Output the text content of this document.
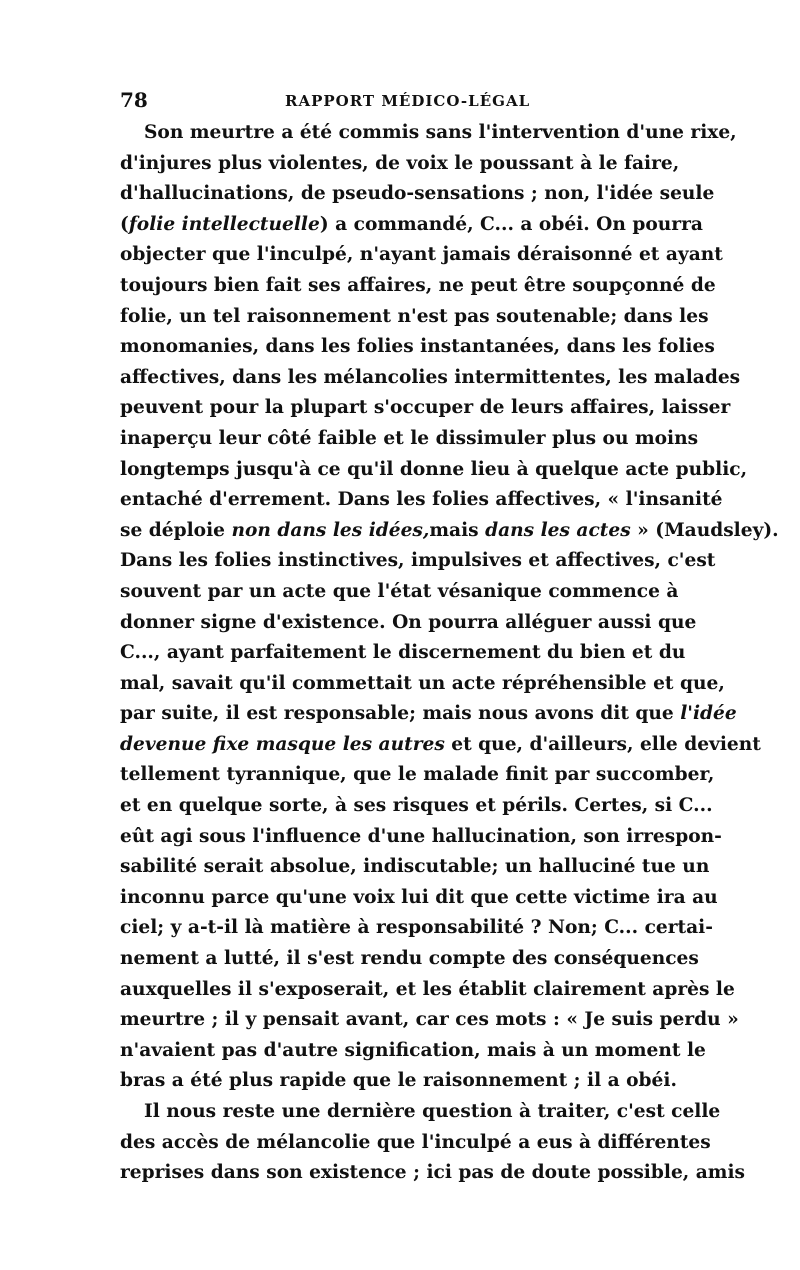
78	RAPPORT MÉDICO-LÉGAL
Son meurtre a été commis sans l'intervention d'une rixe,
d'injures plus violentes, de voix le poussant à le faire,
d'hallucinations, de pseudo-sensations ; non, l'idée seule
(folie intellectuelle) a commandé, C... a obéi. On pourra
objecter que l'inculpé, n'ayant jamais déraisonné et ayant
toujours bien fait ses affaires, ne peut être soupçonné de
folie, un tel raisonnement n'est pas soutenable; dans les
monomanies, dans les folies instantanées, dans les folies
affectives, dans les mélancolies intermittentes, les malades
peuvent pour la plupart s'occuper de leurs affaires, laisser
inaperçu leur côté faible et le dissimuler plus ou moins
longtemps jusqu'à ce qu'il donne lieu à quelque acte public,
entaché d'errement. Dans les folies affectives, « l'insanité
se déploie non dans les idées,mais dans les actes » (Maudsley).
Dans les folies instinctives, impulsives et affectives, c'est
souvent par un acte que l'état vésanique commence à
donner signe d'existence. On pourra alléguer aussi que
C..., ayant parfaitement le discernement du bien et du
mal, savait qu'il commettait un acte répréhensible et que,
par suite, il est responsable; mais nous avons dit que l'idée
devenue fixe masque les autres et que, d'ailleurs, elle devient
tellement tyrannique, que le malade finit par succomber,
et en quelque sorte, à ses risques et périls. Certes, si C...
eût agi sous l'influence d'une hallucination, son irrespon-
sabilité serait absolue, indiscutable; un halluciné tue un
inconnu parce qu'une voix lui dit que cette victime ira au
ciel; y a-t-il là matière à responsabilité ? Non; C... certai-
nement a lutté, il s'est rendu compte des conséquences
auxquelles il s'exposerait, et les établit clairement après le
meurtre ; il y pensait avant, car ces mots : « Je suis perdu »
n'avaient pas d'autre signification, mais à un moment le
bras a été plus rapide que le raisonnement ; il a obéi.
Il nous reste une dernière question à traiter, c'est celle
des accès de mélancolie que l'inculpé a eus à différentes
reprises dans son existence ; ici pas de doute possible, amis
